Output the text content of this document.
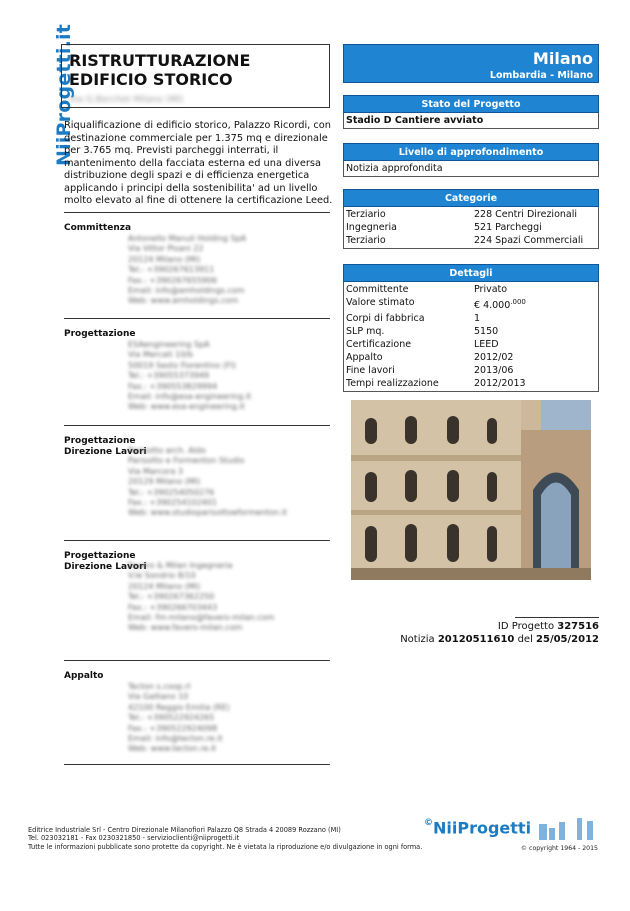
NiiProgetti.it
RISTRUTTURAZIONE EDIFICIO STORICO
Via G.Berchet Milano (MI)
Riqualificazione di edificio storico, Palazzo Ricordi, con destinazione commerciale per 1.375 mq e direzionale per 3.765 mq. Previsti parcheggi interrati, il mantenimento della facciata esterna ed una diversa distribuzione degli spazi e di efficienza energetica applicando i principi della sostenibilita' ad un livello molto elevato al fine di ottenere la certificazione Leed.
Committenza
Antonello Manuli Holding SpA
Via Vittor Pisani 22
20124 Milano (MI)
Tel.: +390267613911
Fax.: +390267655906
Email: info@amholdings.com
Web: www.amholdings.com
Progettazione
ESAengineering SpA
Via Mercati 10/b
50019 Sesto Fiorentino (FI)
Tel.: +39055373949
Fax.: +390553829994
Email: info@esa-engineering.it
Web: www.esa-engineering.it
Progettazione
Direzione Lavori
Parisotto arch. Aldo
Parisotto e Formenton Studio
Via Marcora 3
20129 Milano (MI)
Tel.: +390254050276
Fax.: +390254102401
Web: www.studioparisottoeformenton.it
Progettazione
Direzione Lavori
Favero & Milan Ingegneria
V.le Sondrio 8/10
20124 Milano (MI)
Tel.: +390267362250
Fax.: +390266703443
Email: fm-milano@favero-milan.com
Web: www.favero-milan.com
Appalto
Tecton s.coop.rl
Via Galliano 10
42100 Reggio Emilia (RE)
Tel.: +390522924265
Fax.: +390522924098
Email: info@tecton.re.it
Web: www.tecton.re.it
Milano
Lombardia - Milano
Stato del Progetto
Stadio D Cantiere avviato
Livello di approfondimento
Notizia approfondita
Categorie
Terziario	228 Centri Direzionali
Ingegneria	521 Parcheggi
Terziario	224 Spazi Commerciali
Dettagli
Committente	Privato
Valore stimato	€ $4.000^{.000}$
Corpi di fabbrica	1
SLP mq.	5150
Certificazione	LEED
Appalto	2012/02
Fine lavori	2013/06
Tempi realizzazione	2012/2013
ID Progetto 327516
Notizia 20120511610 del 25/05/2012
Editrice Industriale Srl - Centro Direzionale Milanofiori Palazzo Q8 Strada 4 20089 Rozzano (MI)
Tel. 023032181 - Fax 0230321850 - servizioclienti@niiprogetti.it
Tutte le informazioni pubblicate sono protette da copyright. Ne è vietata la riproduzione e/o divulgazione in ogni forma.
©NiiProgetti
© copyright 1964 - 2015
